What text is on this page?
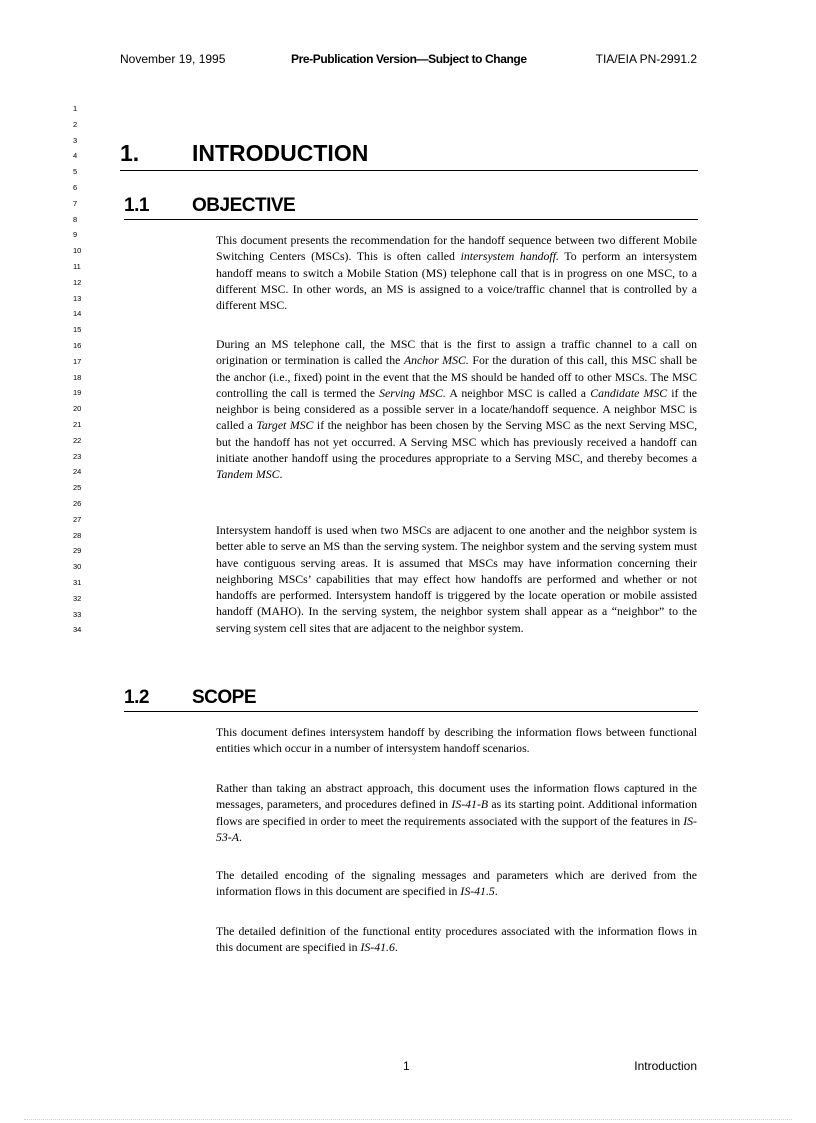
November 19, 1995	Pre-Publication Version—Subject to Change	TIA/EIA PN-2991.2
1
2
3
4
5
6
7
8
9
10
11
12
13
14
15
16
17
18
19
20
21
22
23
24
25
26
27
28
29
30
31
32
33
34
1. INTRODUCTION
1.1 OBJECTIVE

This document presents the recommendation for the handoff sequence between two different Mobile Switching Centers (MSCs). This is often called intersystem handoff. To perform an intersystem handoff means to switch a Mobile Station (MS) telephone call that is in progress on one MSC, to a different MSC. In other words, an MS is assigned to a voice/traffic channel that is controlled by a different MSC.

During an MS telephone call, the MSC that is the first to assign a traffic channel to a call on origination or termination is called the Anchor MSC. For the duration of this call, this MSC shall be the anchor (i.e., fixed) point in the event that the MS should be handed off to other MSCs. The MSC controlling the call is termed the Serving MSC. A neighbor MSC is called a Candidate MSC if the neighbor is being considered as a possible server in a locate/handoff sequence. A neighbor MSC is called a Target MSC if the neighbor has been chosen by the Serving MSC as the next Serving MSC, but the handoff has not yet occurred. A Serving MSC which has previously received a handoff can initiate another handoff using the procedures appropriate to a Serving MSC, and thereby becomes a Tandem MSC.

Intersystem handoff is used when two MSCs are adjacent to one another and the neighbor system is better able to serve an MS than the serving system. The neighbor system and the serving system must have contiguous serving areas. It is assumed that MSCs may have information concerning their neighboring MSCs’ capabilities that may effect how handoffs are performed and whether or not handoffs are performed. Intersystem handoff is triggered by the locate operation or mobile assisted handoff (MAHO). In the serving system, the neighbor system shall appear as a “neighbor” to the serving system cell sites that are adjacent to the neighbor system.

1.2 SCOPE

This document defines intersystem handoff by describing the information flows between functional entities which occur in a number of intersystem handoff scenarios.

Rather than taking an abstract approach, this document uses the information flows captured in the messages, parameters, and procedures defined in IS-41-B as its starting point. Additional information flows are specified in order to meet the requirements associated with the support of the features in IS-53-A.

The detailed encoding of the signaling messages and parameters which are derived from the information flows in this document are specified in IS-41.5.

The detailed definition of the functional entity procedures associated with the information flows in this document are specified in IS-41.6.

1	Introduction
